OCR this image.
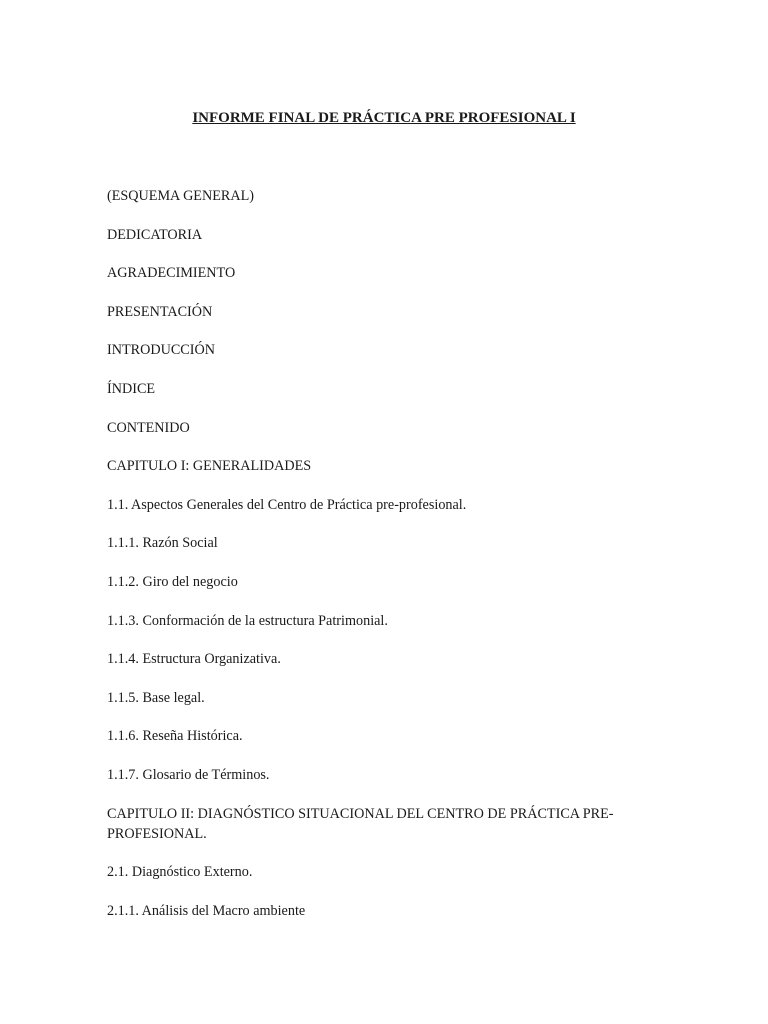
INFORME FINAL DE PRÁCTICA PRE PROFESIONAL I
(ESQUEMA GENERAL)
DEDICATORIA
AGRADECIMIENTO
PRESENTACIÓN
INTRODUCCIÓN
ÍNDICE
CONTENIDO
CAPITULO I: GENERALIDADES
1.1. Aspectos Generales del Centro de Práctica pre-profesional.
1.1.1. Razón Social
1.1.2. Giro del negocio
1.1.3. Conformación de la estructura Patrimonial.
1.1.4. Estructura Organizativa.
1.1.5. Base legal.
1.1.6. Reseña Histórica.
1.1.7. Glosario de Términos.
CAPITULO II: DIAGNÓSTICO SITUACIONAL DEL CENTRO DE PRÁCTICA PRE-PROFESIONAL.
2.1. Diagnóstico Externo.
2.1.1. Análisis del Macro ambiente
